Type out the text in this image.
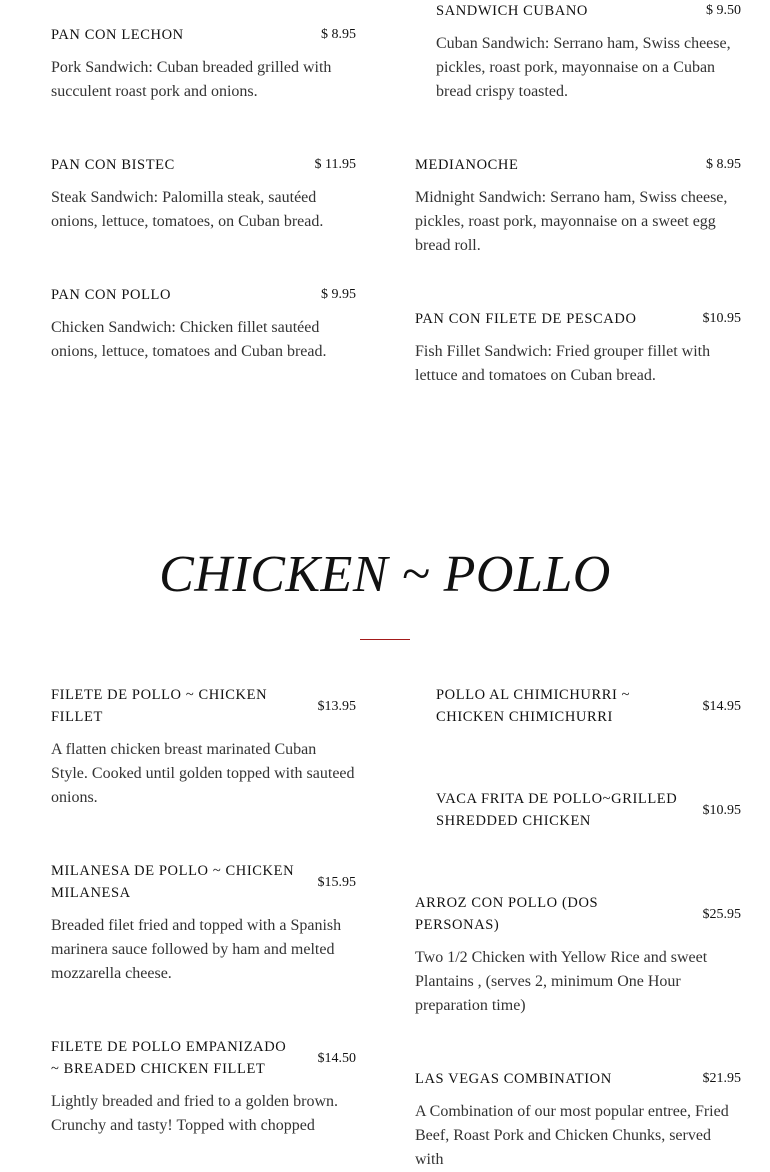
PAN CON LECHON	$ 8.95
Pork Sandwich: Cuban breaded grilled with succulent roast pork and onions.
PAN CON BISTEC	$ 11.95
Steak Sandwich: Palomilla steak, sautéed onions, lettuce, tomatoes, on Cuban bread.
PAN CON POLLO	$ 9.95
Chicken Sandwich: Chicken fillet sautéed onions, lettuce, tomatoes and Cuban bread.
SANDWICH CUBANO	$ 9.50
Cuban Sandwich: Serrano ham, Swiss cheese, pickles, roast pork, mayonnaise on a Cuban bread crispy toasted.
MEDIANOCHE	$ 8.95
Midnight Sandwich: Serrano ham, Swiss cheese, pickles, roast pork, mayonnaise on a sweet egg bread roll.
PAN CON FILETE DE PESCADO	$10.95
Fish Fillet Sandwich: Fried grouper fillet with lettuce and tomatoes on Cuban bread.
CHICKEN ~ POLLO
FILETE DE POLLO ~ CHICKEN FILLET
$13.95
A flatten chicken breast marinated Cuban Style. Cooked until golden topped with sauteed onions.
MILANESA DE POLLO ~ CHICKEN MILANESA
$15.95
Breaded filet fried and topped with a Spanish marinera sauce followed by ham and melted mozzarella cheese.
FILETE DE POLLO EMPANIZADO ~ BREADED CHICKEN FILLET
$14.50
Lightly breaded and fried to a golden brown. Crunchy and tasty! Topped with chopped
POLLO AL CHIMICHURRI ~ CHICKEN CHIMICHURRI
$14.95
VACA FRITA DE POLLO~GRILLED SHREDDED CHICKEN
$10.95
ARROZ CON POLLO (DOS PERSONAS)
$25.95
Two 1/2 Chicken with Yellow Rice and sweet Plantains , (serves 2, minimum One Hour preparation time)
LAS VEGAS COMBINATION	$21.95
A Combination of our most popular entree, Fried Beef, Roast Pork and Chicken Chunks, served with
